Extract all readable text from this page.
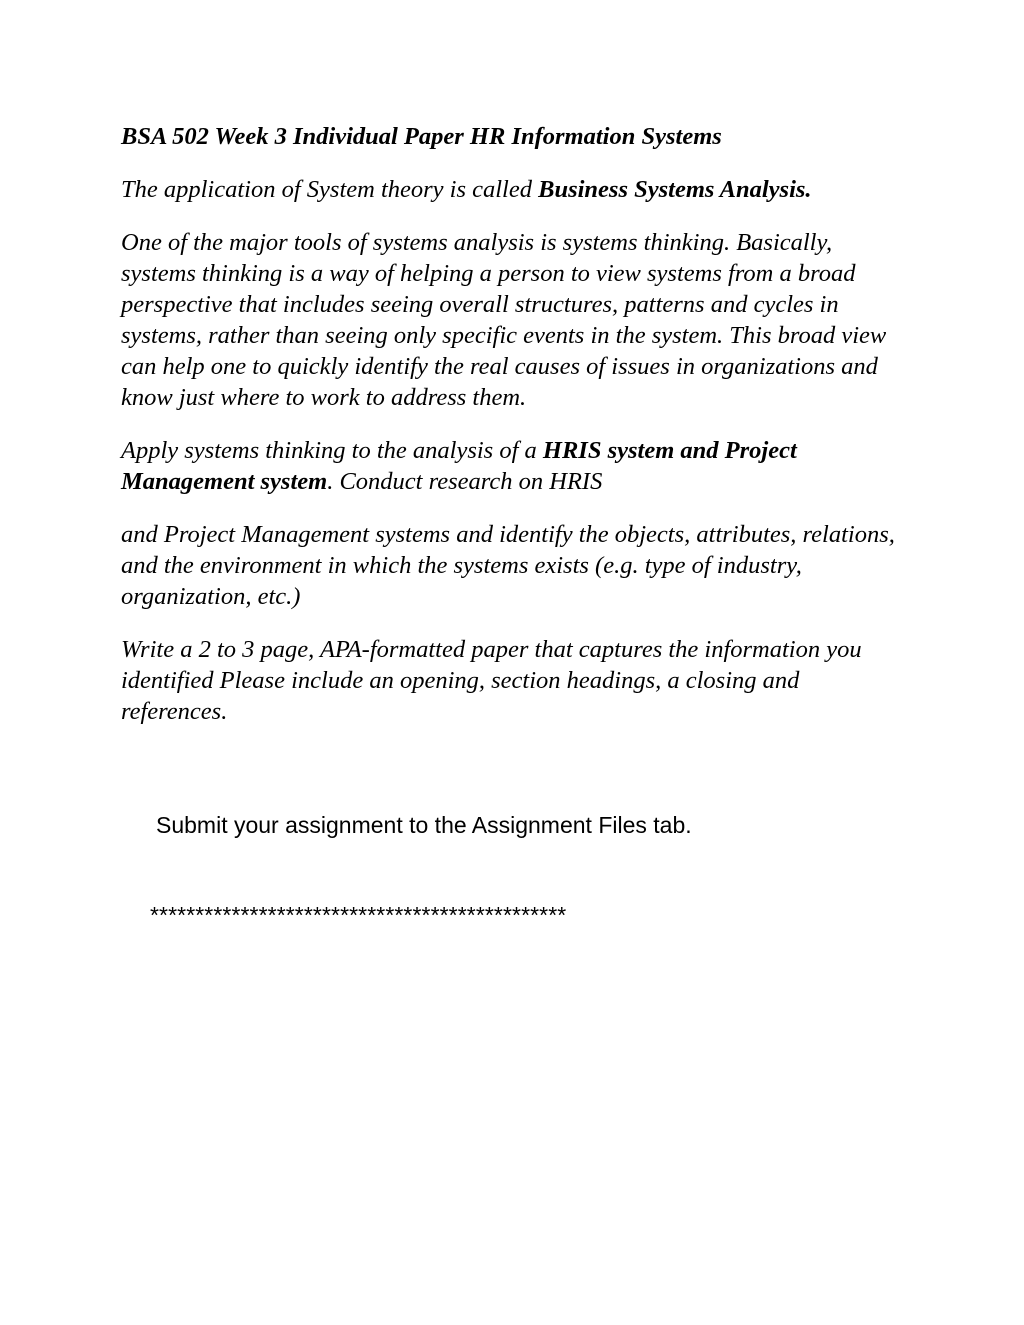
BSA 502 Week 3 Individual Paper HR Information Systems

The application of System theory is called Business Systems Analysis.

One of the major tools of systems analysis is systems thinking. Basically, systems thinking is a way of helping a person to view systems from a broad perspective that includes seeing overall structures, patterns and cycles in systems, rather than seeing only specific events in the system. This broad view can help one to quickly identify the real causes of issues in organizations and know just where to work to address them.

Apply systems thinking to the analysis of a HRIS system and Project Management system. Conduct research on HRIS

and Project Management systems and identify the objects, attributes, relations, and the environment in which the systems exists (e.g. type of industry, organization, etc.)

Write a 2 to 3 page, APA-formatted paper that captures the information you identified Please include an opening, section headings, a closing and references.

Submit your assignment to the Assignment Files tab.
**********************************************
